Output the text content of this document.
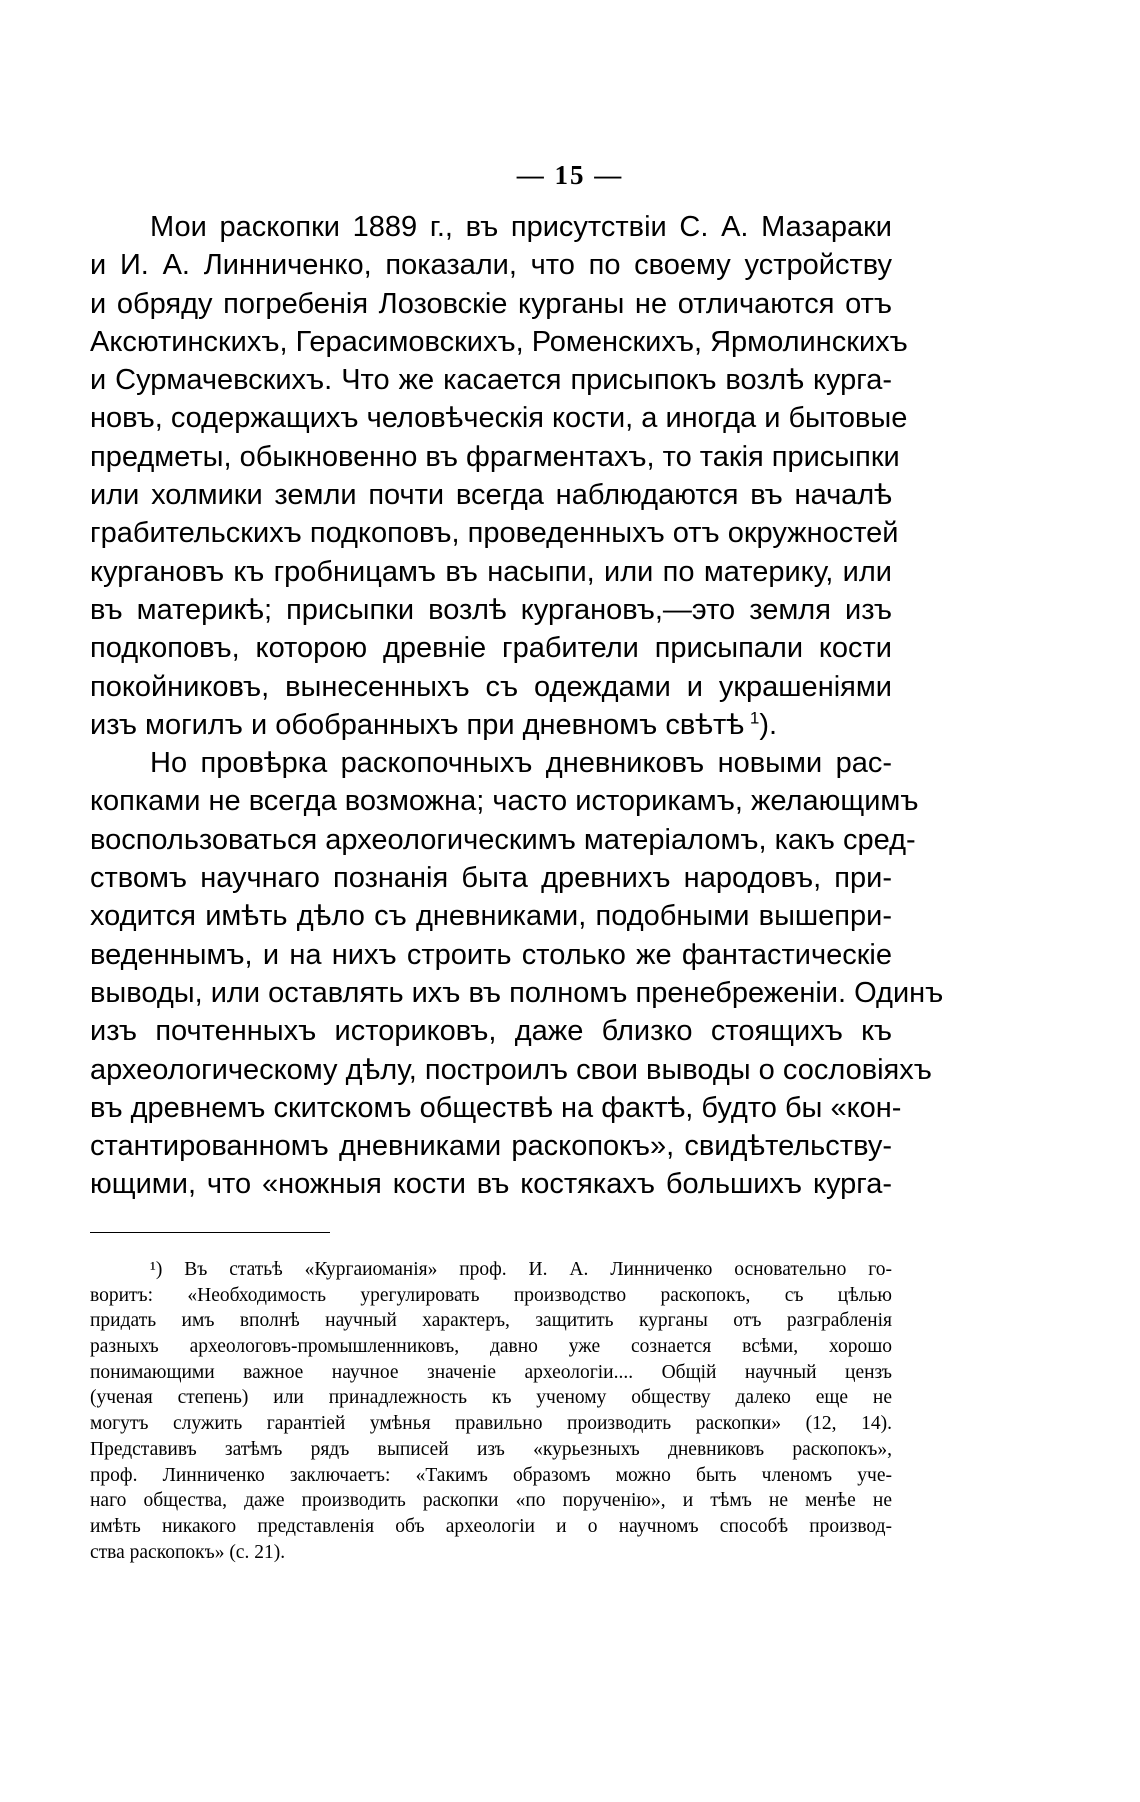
— 15 —
Мои раскопки 1889 г., въ присутствіи С. А. Мазараки
и И. А. Линниченко, показали, что по своему устройству
и обряду погребенія Лозовскіе курганы не отличаются отъ
Аксютинскихъ, Герасимовскихъ, Роменскихъ, Ярмолинскихъ
и Сурмачевскихъ. Что же касается присыпокъ возлѣ курга-
новъ, содержащихъ человѣческія кости, а иногда и бытовые
предметы, обыкновенно въ фрагментахъ, то такія присыпки
или холмики земли почти всегда наблюдаются въ началѣ
грабительскихъ подкоповъ, проведенныхъ отъ окружностей
кургановъ къ гробницамъ въ насыпи, или по материку, или
въ материкѣ; присыпки возлѣ кургановъ,—это земля изъ
подкоповъ, которою древніе грабители присыпали кости
покойниковъ, вынесенныхъ съ одеждами и украшеніями
изъ могилъ и обобранныхъ при дневномъ свѣтѣ  $^1$).
Но провѣрка раскопочныхъ дневниковъ новыми рас-
копками не всегда возможна; часто историкамъ, желающимъ
воспользоваться археологическимъ матеріаломъ, какъ сред-
ствомъ научнаго познанія быта древнихъ народовъ, при-
ходится имѣть дѣло съ дневниками, подобными вышепри-
веденнымъ, и на нихъ строить столько же фантастическіе
выводы, или оставлять ихъ въ полномъ пренебреженіи. Одинъ
изъ почтенныхъ историковъ, даже близко стоящихъ къ
археологическому дѣлу, построилъ свои выводы о сословіяхъ
въ древнемъ скитскомъ обществѣ на фактѣ, будто бы «кон-
стантированномъ дневниками раскопокъ», свидѣтельству-
ющими, что «ножныя кости въ костякахъ большихъ курга-
¹) Въ статьѣ «Кургаиоманія» проф. И. А. Линниченко основательно го-
воритъ: «Необходимость урегулировать производство раскопокъ, съ цѣлью
придать имъ вполнѣ научный характеръ, защитить курганы отъ разграбленія
разныхъ археологовъ-промышленниковъ, давно уже сознается всѣми, хорошо
понимающими важное научное значеніе археологіи.... Общій научный цензъ
(ученая степень) или принадлежность къ ученому обществу далеко еще не
могутъ служить гарантіей умѣнья правильно производить раскопки» (12, 14).
Представивъ затѣмъ рядъ выписей изъ «курьезныхъ дневниковъ раскопокъ»,
проф. Линниченко заключаетъ: «Такимъ образомъ можно быть членомъ уче-
наго общества, даже производить раскопки «по порученію», и тѣмъ не менѣе не
имѣть никакого представленія объ археологіи и о научномъ способѣ производ-
ства раскопокъ» (с. 21).
